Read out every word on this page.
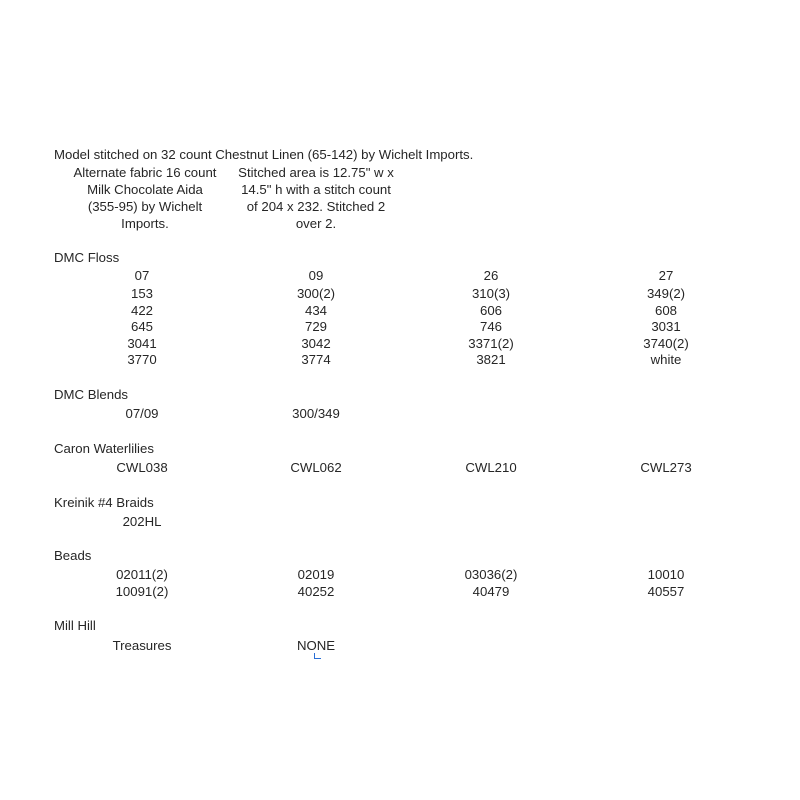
Model stitched on 32 count Chestnut Linen (65-142) by Wichelt Imports.
Alternate fabric 16 count
Milk Chocolate Aida
(355-95) by Wichelt
Imports.
Stitched area is 12.75" w x
14.5" h with a stitch count
of 204 x 232. Stitched 2
over 2.
DMC Floss
07	09	26	27
153	300(2)	310(3)	349(2)
422	434	606	608
645	729	746	3031
3041	3042	3371(2)	3740(2)
3770	3774	3821	white
DMC Blends
07/09	300/349
Caron Waterlilies
CWL038	CWL062	CWL210	CWL273
Kreinik #4 Braids
202HL
Beads
02011(2)	02019	03036(2)	10010
10091(2)	40252	40479	40557
Mill Hill
Treasures	NONE
